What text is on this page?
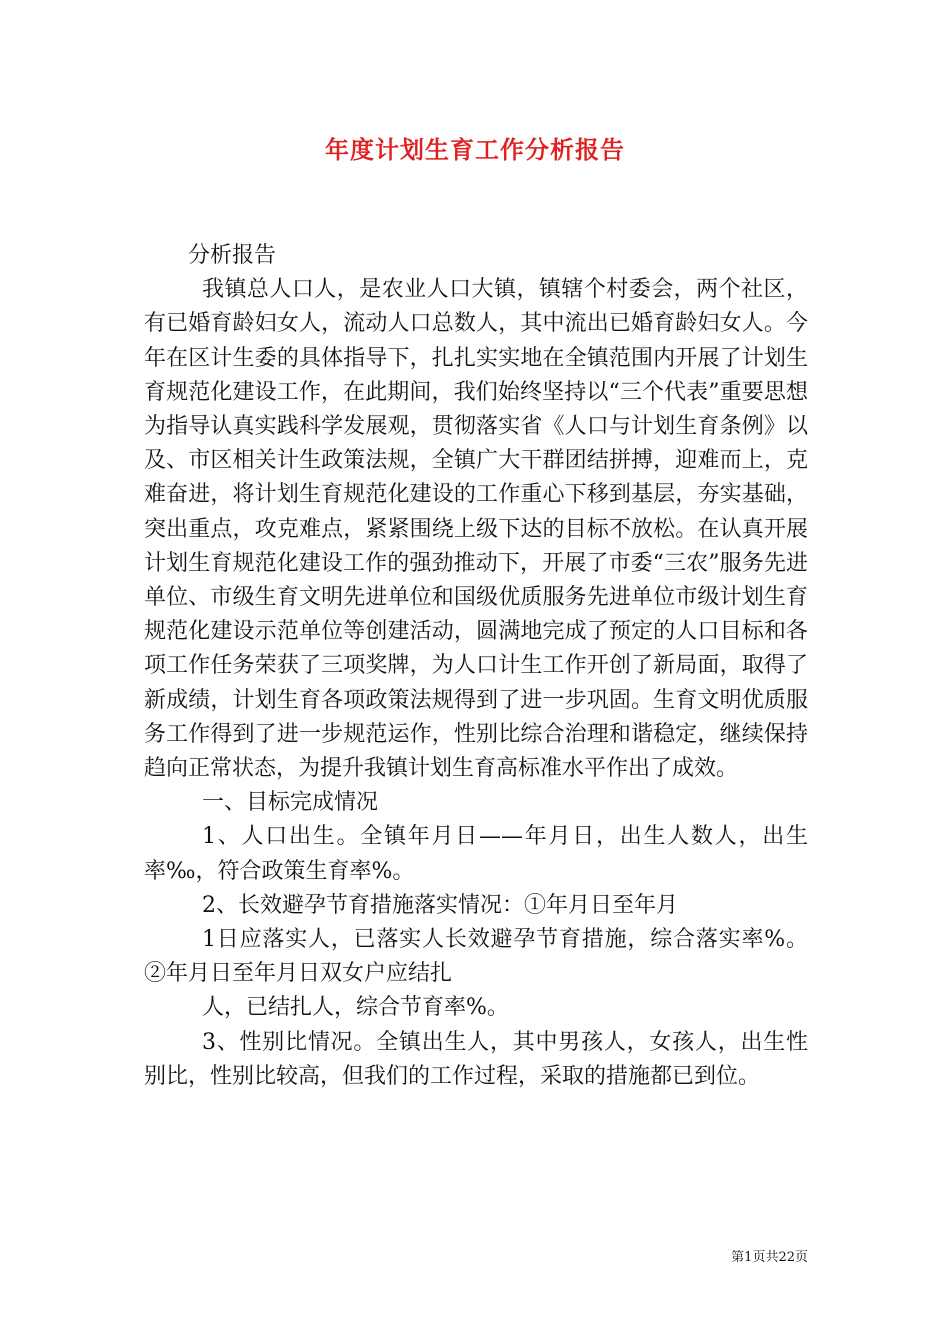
年度计划生育工作分析报告

分析报告

我镇总人口人，是农业人口大镇，镇辖个村委会，两个社区，有已婚育龄妇女人，流动人口总数人，其中流出已婚育龄妇女人。今年在区计生委的具体指导下，扎扎实实地在全镇范围内开展了计划生育规范化建设工作，在此期间，我们始终坚持以“三个代表”重要思想为指导认真实践科学发展观，贯彻落实省《人口与计划生育条例》以及、市区相关计生政策法规，全镇广大干群团结拼搏，迎难而上，克难奋进，将计划生育规范化建设的工作重心下移到基层，夯实基础，突出重点，攻克难点，紧紧围绕上级下达的目标不放松。在认真开展计划生育规范化建设工作的强劲推动下，开展了市委“三农”服务先进单位、市级生育文明先进单位和国级优质服务先进单位市级计划生育规范化建设示范单位等创建活动，圆满地完成了预定的人口目标和各项工作任务荣获了三项奖牌，为人口计生工作开创了新局面，取得了新成绩，计划生育各项政策法规得到了进一步巩固。生育文明优质服务工作得到了进一步规范运作，性别比综合治理和谐稳定，继续保持趋向正常状态，为提升我镇计划生育高标准水平作出了成效。

一、目标完成情况

1、人口出生。全镇年月日——年月日，出生人数人，出生率‰，符合政策生育率%。

2、长效避孕节育措施落实情况：①年月日至年月

1日应落实人，已落实人长效避孕节育措施，综合落实率%。②年月日至年月日双女户应结扎

人，已结扎人，综合节育率%。

3、性别比情况。全镇出生人，其中男孩人，女孩人，出生性别比，性别比较高，但我们的工作过程，采取的措施都已到位。

第1页共22页
